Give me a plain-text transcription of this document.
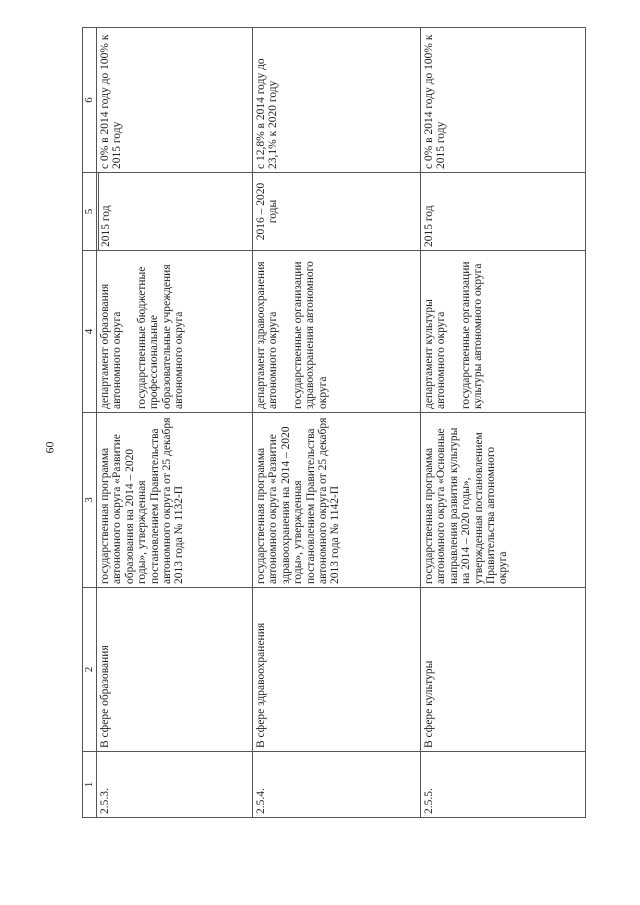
60
1	2	3	4	5	6
2.5.3.	В сфере образования	государственная программа автономного округа «Развитие образования на 2014 – 2020 годы», утвержденная постановлением Правительства автономного округа от 25 декабря 2013 года № 1132-П	департамент образования автономного округа государственные бюджетные профессиональные образовательные учреждения автономного округа	2015 год	с 0% в 2014 году до 100% к 2015 году
2.5.4.	В сфере здравоохранения	государственная программа автономного округа «Развитие здравоохранения на 2014 – 2020 годы», утвержденная постановлением Правительства автономного округа от 25 декабря 2013 года № 1142-П	департамент здравоохранения автономного округа государственные организации здравоохранения автономного округа	2016 – 2020 годы	с 12,8% в 2014 году до 23,1% к 2020 году
2.5.5.	В сфере культуры	государственная программа автономного округа «Основные направления развития культуры на 2014 – 2020 годы», утвержденная постановлением Правительства автономного округа	департамент культуры автономного округа государственные организации культуры автономного округа	2015 год	с 0% в 2014 году до 100% к 2015 году
